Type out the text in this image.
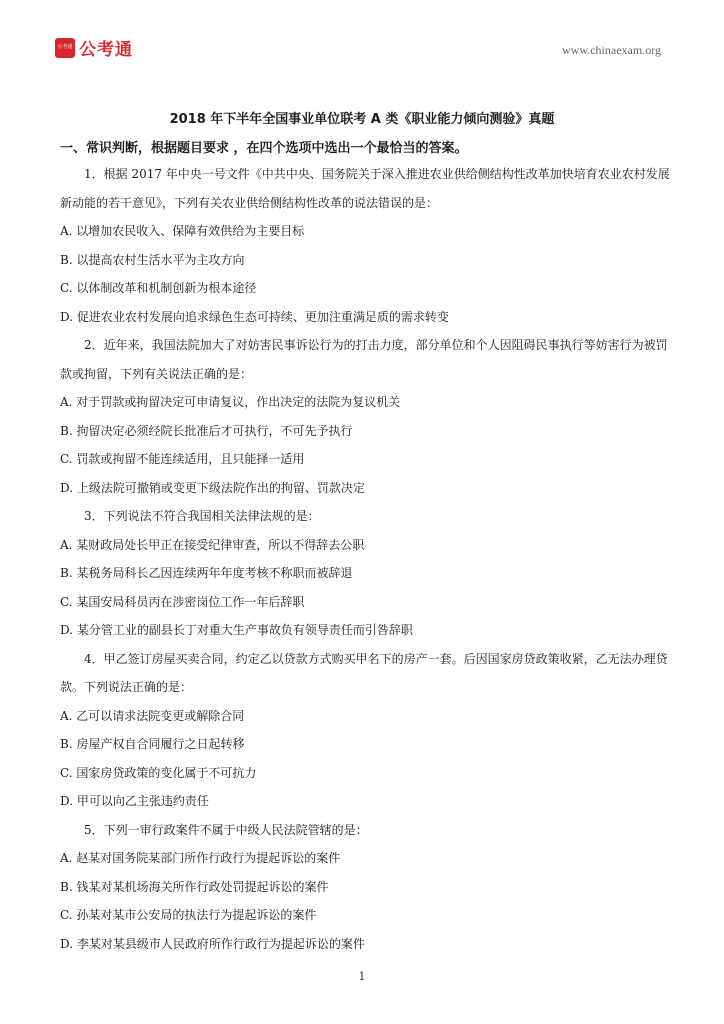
公考通 公考通	www.chinaexam.org
2018 年下半年全国事业单位联考 A 类《职业能力倾向测验》真题
一、常识判断，根据题目要求 ，在四个选项中选出一个最恰当的答案。

1．根据 2017 年中央一号文件《中共中央、国务院关于深入推进农业供给侧结构性改革加快培育农业农村发展新动能的若干意见》，下列有关农业供给侧结构性改革的说法错误的是：

A. 以增加农民收入、保障有效供给为主要目标

B. 以提高农村生活水平为主攻方向

C. 以体制改革和机制创新为根本途径

D. 促进农业农村发展向追求绿色生态可持续、更加注重满足质的需求转变

2．近年来，我国法院加大了对妨害民事诉讼行为的打击力度，部分单位和个人因阻碍民事执行等妨害行为被罚款或拘留，下列有关说法正确的是：

A. 对于罚款或拘留决定可申请复议，作出决定的法院为复议机关

B. 拘留决定必须经院长批准后才可执行，不可先予执行

C. 罚款或拘留不能连续适用，且只能择一适用

D. 上级法院可撤销或变更下级法院作出的拘留、罚款决定

3．下列说法不符合我国相关法律法规的是：

A. 某财政局处长甲正在接受纪律审查，所以不得辞去公职

B. 某税务局科长乙因连续两年年度考核不称职而被辞退

C. 某国安局科员丙在涉密岗位工作一年后辞职

D. 某分管工业的副县长丁对重大生产事故负有领导责任而引咎辞职

4．甲乙签订房屋买卖合同，约定乙以贷款方式购买甲名下的房产一套。后因国家房贷政策收紧，乙无法办理贷款。下列说法正确的是：

A. 乙可以请求法院变更或解除合同

B. 房屋产权自合同履行之日起转移

C. 国家房贷政策的变化属于不可抗力

D. 甲可以向乙主张违约责任

5．下列一审行政案件不属于中级人民法院管辖的是：

A. 赵某对国务院某部门所作行政行为提起诉讼的案件

B. 钱某对某机场海关所作行政处罚提起诉讼的案件

C. 孙某对某市公安局的执法行为提起诉讼的案件

D. 李某对某县级市人民政府所作行政行为提起诉讼的案件

1
